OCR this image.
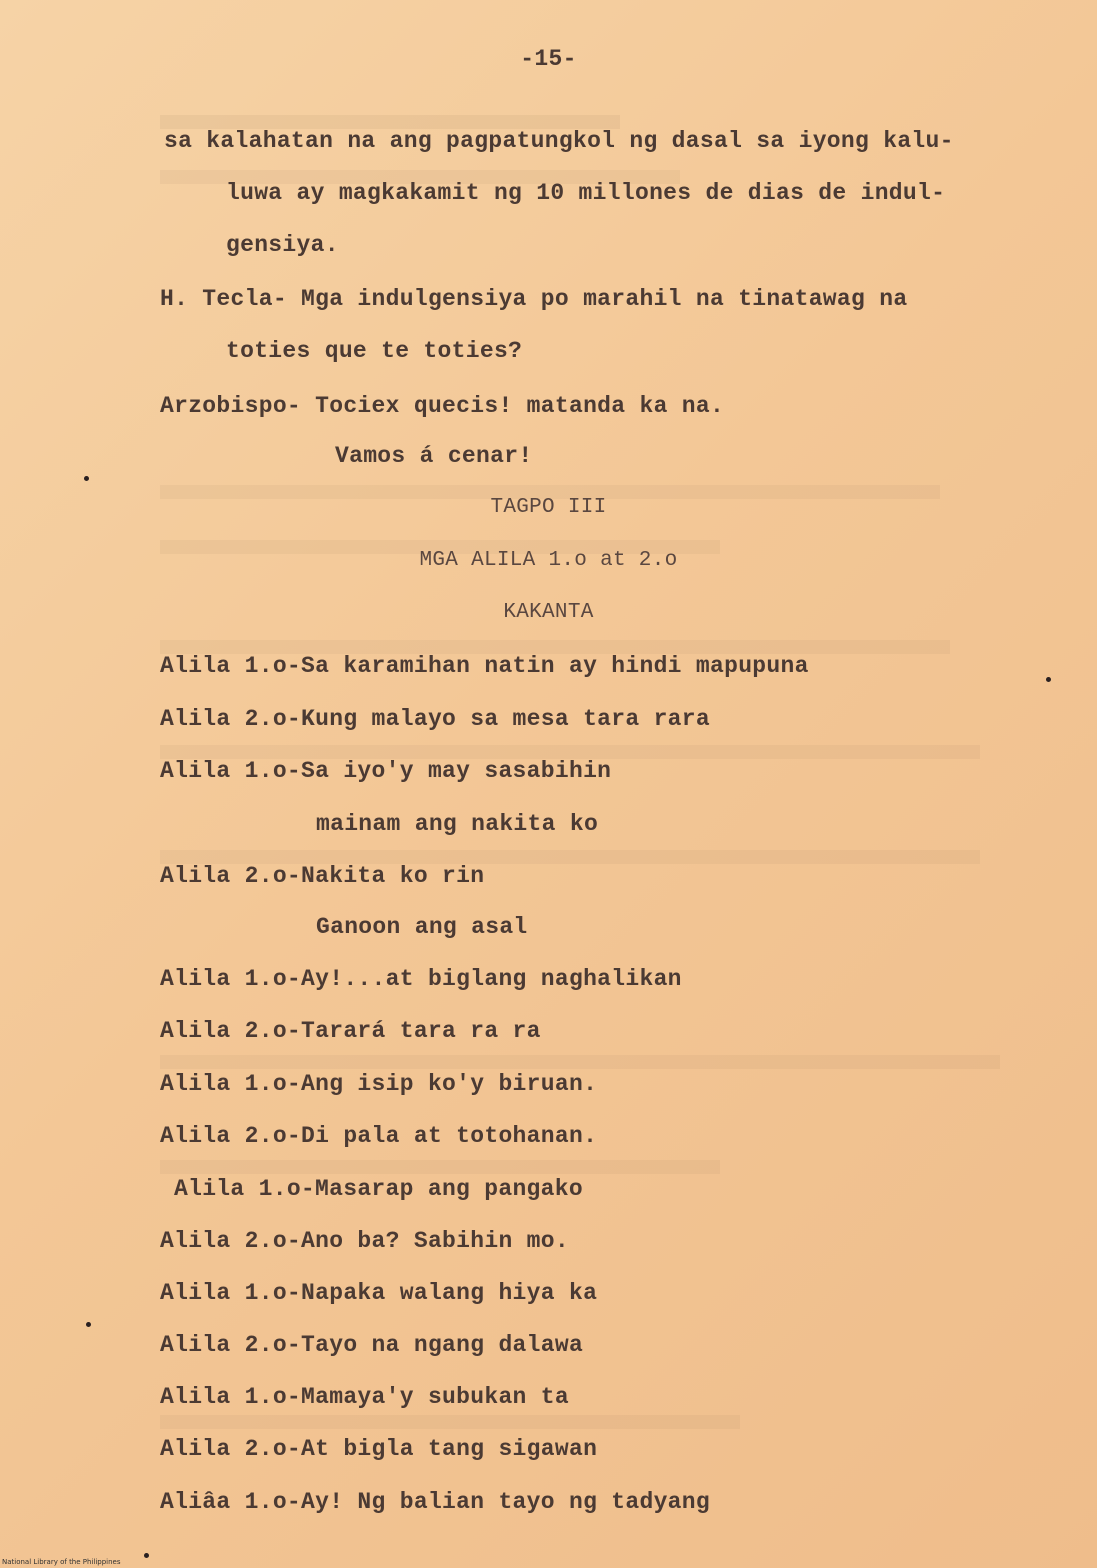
-15-
sa kalahatan na ang pagpatungkol ng dasal sa iyong kalu-
luwa ay magkakamit ng 10 millones de dias de indul-
gensiya.
H. Tecla- Mga indulgensiya po marahil na tinatawag na
toties que te toties?
Arzobispo- Tociex quecis! matanda ka na.
Vamos á cenar!
TAGPO III
MGA ALILA 1.o at 2.o
KAKANTA
Alila 1.o-Sa karamihan natin ay hindi mapupuna
Alila 2.o-Kung malayo sa mesa tara rara
Alila 1.o-Sa iyo'y may sasabihin
mainam ang nakita ko
Alila 2.o-Nakita ko rin
Ganoon ang asal
Alila 1.o-Ay!...at biglang naghalikan
Alila 2.o-Tarará tara ra ra
Alila 1.o-Ang isip ko'y biruan.
Alila 2.o-Di pala at totohanan.
Alila 1.o-Masarap ang pangako
Alila 2.o-Ano ba? Sabihin mo.
Alila 1.o-Napaka walang hiya ka
Alila 2.o-Tayo na ngang dalawa
Alila 1.o-Mamaya'y subukan ta
Alila 2.o-At bigla tang sigawan
Aliâa 1.o-Ay! Ng balian tayo ng tadyang
National Library of the Philippines
